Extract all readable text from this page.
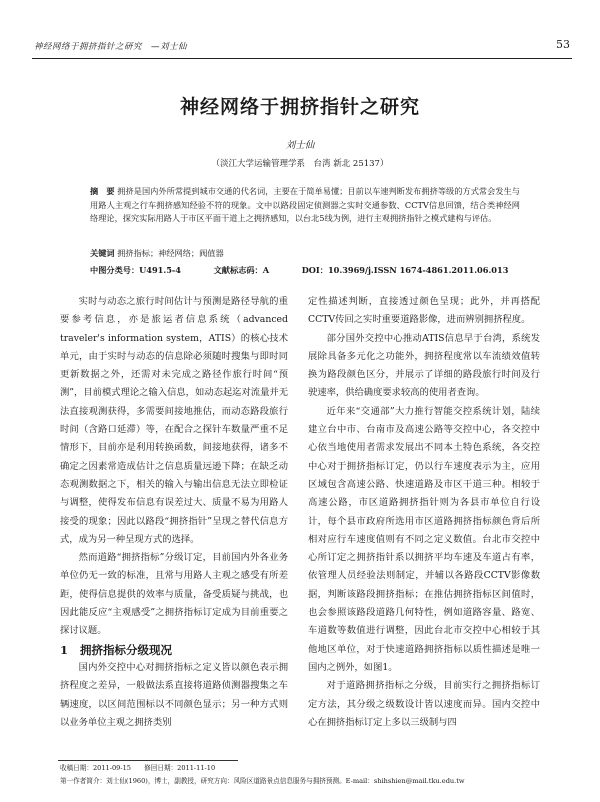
神经网络于拥挤指针之研究　—刘士仙	53
神经网络于拥挤指针之研究
刘士仙
（淡江大学运输管理学系　台湾 新北 25137）
摘　要 拥挤是国内外所常提到城市交通的代名词，主要在于简单易懂；目前以车速判断发布拥挤等级的方式常会发生与用路人主观之行车拥挤感知经验不符的现象。文中以路段固定侦测器之实时交通参数、CCTV信息回馈，结合类神经网络理论，探究实际用路人于市区平面干道上之拥挤感知，以台北5线为例，进行主观拥挤指针之模式建构与评估。
关键词 拥挤指标；神经网络；阀值器
中图分类号：U491.5-4	文献标志码：A	DOI：10.3969/j.ISSN 1674-4861.2011.06.013

实时与动态之旅行时间估计与预测是路径导航的重要参考信息，亦是旅运者信息系统（advanced traveler's information system，ATIS）的核心技术单元，由于实时与动态的信息除必须随时搜集与即时同更新数据之外，还需对未完成之路径作旅行时间“预测”，目前模式理论之输入信息，如动态起迄对流量并无法直接观测获得，多需要间接地推估，而动态路段旅行时间（含路口延滞）等，在配合之探针车数量严重不足情形下，目前亦是利用转换函数，间接地获得，诸多不确定之因素常造成估计之信息质量远逊下降；在缺乏动态观测数据之下，相关的输入与输出信息无法立即检证与调整，使得发布信息有误差过大、质量不易为用路人接受的现象；因此以路段“拥挤指针”呈现之替代信息方式，成为另一种呈现方式的选择。

然而道路“拥挤指标”分级订定，目前国内外各业务单位仍无一致的标准，且常与用路人主观之感受有所差距，使得信息提供的效率与质量，备受质疑与挑战，也因此能反应“主观感受”之拥挤指标订定成为目前重要之探讨议题。

1 拥挤指标分级现况

国内外交控中心对拥挤指标之定义皆以颜色表示拥挤程度之差异，一般做法系直接将道路侦测器搜集之车辆速度，以区间范围标以不同颜色显示；另一种方式则以业务单位主观之拥挤类别

定性描述判断，直接透过颜色呈现；此外，并再搭配CCTV传回之实时重要道路影像，进而辨别拥挤程度。

部分国外交控中心推动ATIS信息早于台湾，系统发展除具备多元化之功能外，拥挤程度常以车流绩效值转换为路段颜色区分，并展示了详细的路段旅行时间及行驶速率，供给确度要求较高的使用者查询。

近年来“交通部”大力推行智能交控系统计划，陆续建立台中市、台南市及高速公路等交控中心，各交控中心依当地使用者需求发展出不同本土特色系统，各交控中心对于拥挤指标订定，仍以行车速度表示为主，应用区域包含高速公路、快速道路及市区干道三种。相较于高速公路，市区道路拥挤指针则为各县市单位自行设计，每个县市政府所选用市区道路拥挤指标颜色背后所相对应行车速度值则有不同之定义数值。台北市交控中心所订定之拥挤指针系以拥挤平均车速及车道占有率，依管理人员经验法则制定，并辅以各路段CCTV影像数据，判断该路段拥挤指标；在推估拥挤指标区间值时，也会参照该路段道路几何特性，例如道路容量、路宽、车道数等数值进行调整，因此台北市交控中心相较于其他地区单位，对于快速道路拥挤指标以质性描述是唯一国内之例外，如图1。

对于道路拥挤指标之分级，目前实行之拥挤指标订定方法，其分级之级数设计皆以速度而异。国内交控中心在拥挤指标订定上多以三级制与四

收稿日期：2011-09-15　　修回日期：2011-11-10
第一作者简介：刘士仙(1960)，博士，副教授，研究方向：风险区道路景点信息服务与拥挤预测。E-mail：shihshien@mail.tku.edu.tw
